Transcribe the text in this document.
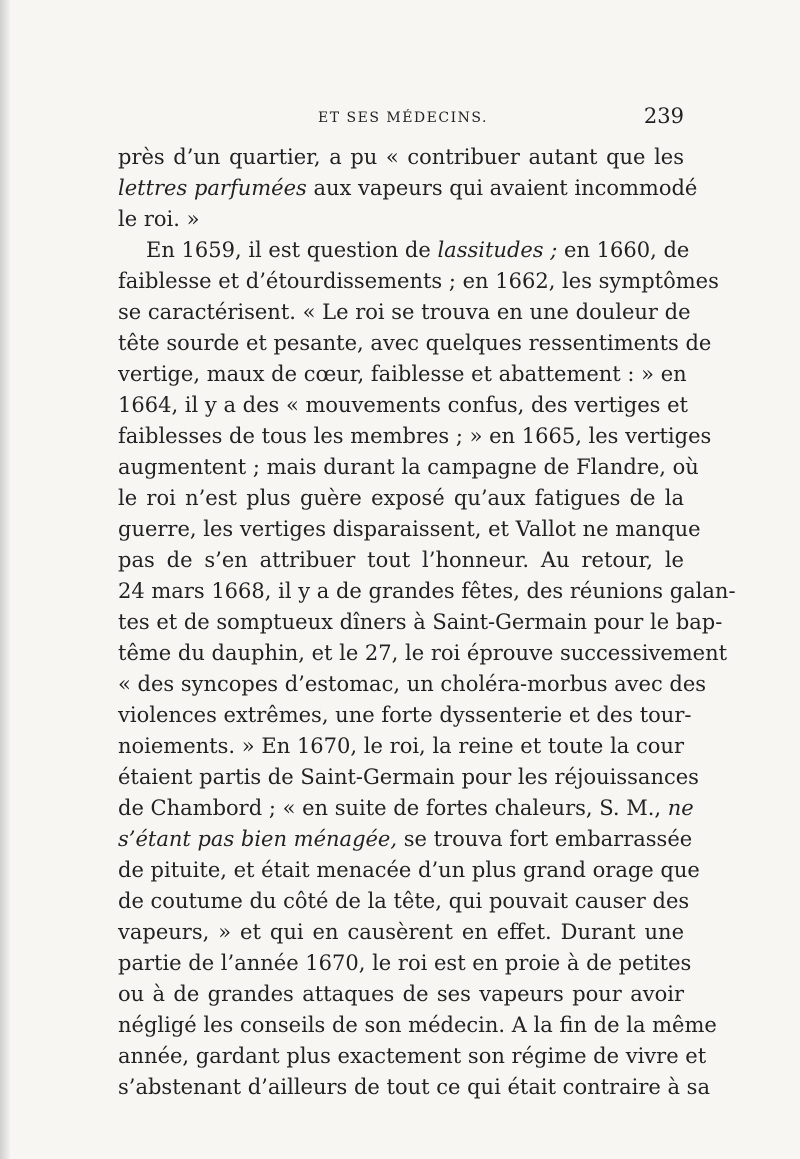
ET SES MÉDECINS.	239
près d’un quartier, a pu « contribuer autant que les
lettres parfumées aux vapeurs qui avaient incommodé
le roi. »
En 1659, il est question de lassitudes ; en 1660, de
faiblesse et d’étourdissements ; en 1662, les symptômes
se caractérisent. « Le roi se trouva en une douleur de
tête sourde et pesante, avec quelques ressentiments de
vertige, maux de cœur, faiblesse et abattement : » en
1664, il y a des « mouvements confus, des vertiges et
faiblesses de tous les membres ; » en 1665, les vertiges
augmentent ; mais durant la campagne de Flandre, où
le roi n’est plus guère exposé qu’aux fatigues de la
guerre, les vertiges disparaissent, et Vallot ne manque
pas de s’en attribuer tout l’honneur. Au retour, le
24 mars 1668, il y a de grandes fêtes, des réunions galan-
tes et de somptueux dîners à Saint-Germain pour le bap-
tême du dauphin, et le 27, le roi éprouve successivement
« des syncopes d’estomac, un choléra-morbus avec des
violences extrêmes, une forte dyssenterie et des tour-
noiements. » En 1670, le roi, la reine et toute la cour
étaient partis de Saint-Germain pour les réjouissances
de Chambord ; « en suite de fortes chaleurs, S. M., ne
s’étant pas bien ménagée, se trouva fort embarrassée
de pituite, et était menacée d’un plus grand orage que
de coutume du côté de la tête, qui pouvait causer des
vapeurs, » et qui en causèrent en effet. Durant une
partie de l’année 1670, le roi est en proie à de petites
ou à de grandes attaques de ses vapeurs pour avoir
négligé les conseils de son médecin. A la fin de la même
année, gardant plus exactement son régime de vivre et
s’abstenant d’ailleurs de tout ce qui était contraire à sa
